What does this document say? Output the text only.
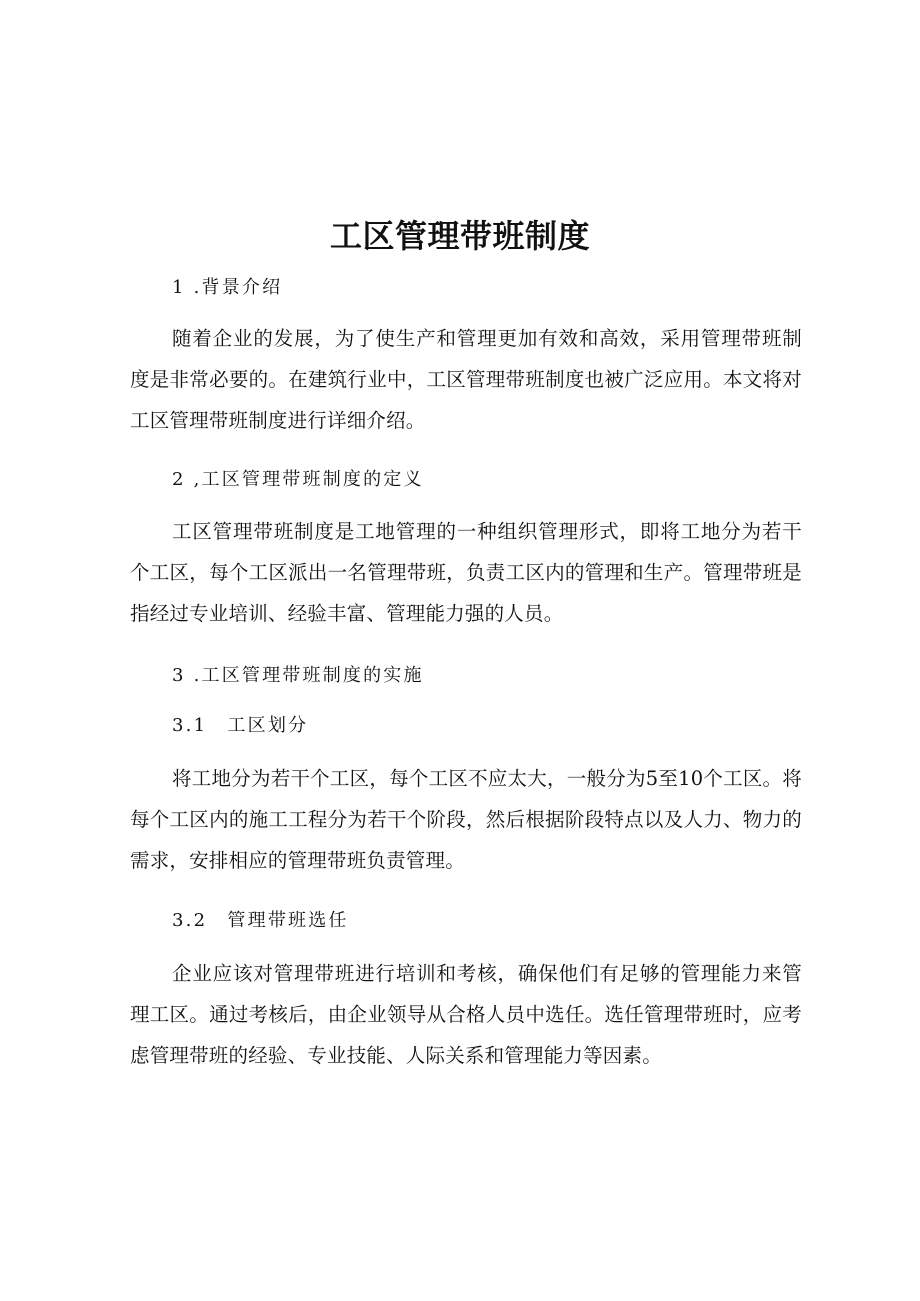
工区管理带班制度
1 .背景介绍
随着企业的发展，为了使生产和管理更加有效和高效，采用管理带班制度是非常必要的。在建筑行业中，工区管理带班制度也被广泛应用。本文将对工区管理带班制度进行详细介绍。
2 ,工区管理带班制度的定义
工区管理带班制度是工地管理的一种组织管理形式，即将工地分为若干个工区，每个工区派出一名管理带班，负责工区内的管理和生产。管理带班是指经过专业培训、经验丰富、管理能力强的人员。
3 .工区管理带班制度的实施
3.1　工区划分
将工地分为若干个工区，每个工区不应太大，一般分为5至10个工区。将每个工区内的施工工程分为若干个阶段，然后根据阶段特点以及人力、物力的需求，安排相应的管理带班负责管理。
3.2　管理带班选任
企业应该对管理带班进行培训和考核，确保他们有足够的管理能力来管理工区。通过考核后，由企业领导从合格人员中选任。选任管理带班时，应考虑管理带班的经验、专业技能、人际关系和管理能力等因素。
